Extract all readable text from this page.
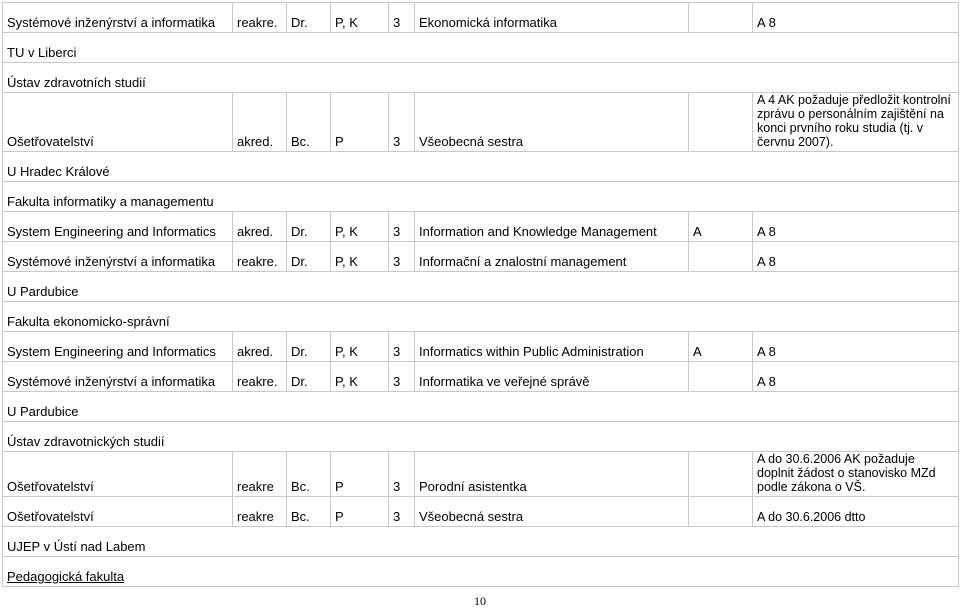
Systémové inženýrství a informatika	reakre.	Dr.	P, K	3	Ekonomická informatika		A 8
TU v Liberci							
Ústav zdravotních studií							
Ošetřovatelství	akred.	Bc.	P	3	Všeobecná sestra		A 4 AK požaduje předložit kontrolní zprávu o personálním zajištění na konci prvního roku studia (tj. v červnu 2007).
U Hradec Králové							
Fakulta informatiky a managementu							
System Engineering and Informatics	akred.	Dr.	P, K	3	Information and Knowledge Management	A	A 8
Systémové inženýrství a informatika	reakre.	Dr.	P, K	3	Informační a znalostní management		A 8
U Pardubice							
Fakulta ekonomicko-správní							
System Engineering and Informatics	akred.	Dr.	P, K	3	Informatics within Public Administration	A	A 8
Systémové inženýrství a informatika	reakre.	Dr.	P, K	3	Informatika ve veřejné správě		A 8
U Pardubice							
Ústav zdravotnických studií							
Ošetřovatelství	reakre	Bc.	P	3	Porodní asistentka		A do 30.6.2006 AK požaduje doplnit žádost o stanovisko MZd podle zákona o VŠ.
Ošetřovatelství	reakre	Bc.	P	3	Všeobecná sestra		A do 30.6.2006 dtto
UJEP v Ústí nad Labem							
Pedagogická fakulta							
10
